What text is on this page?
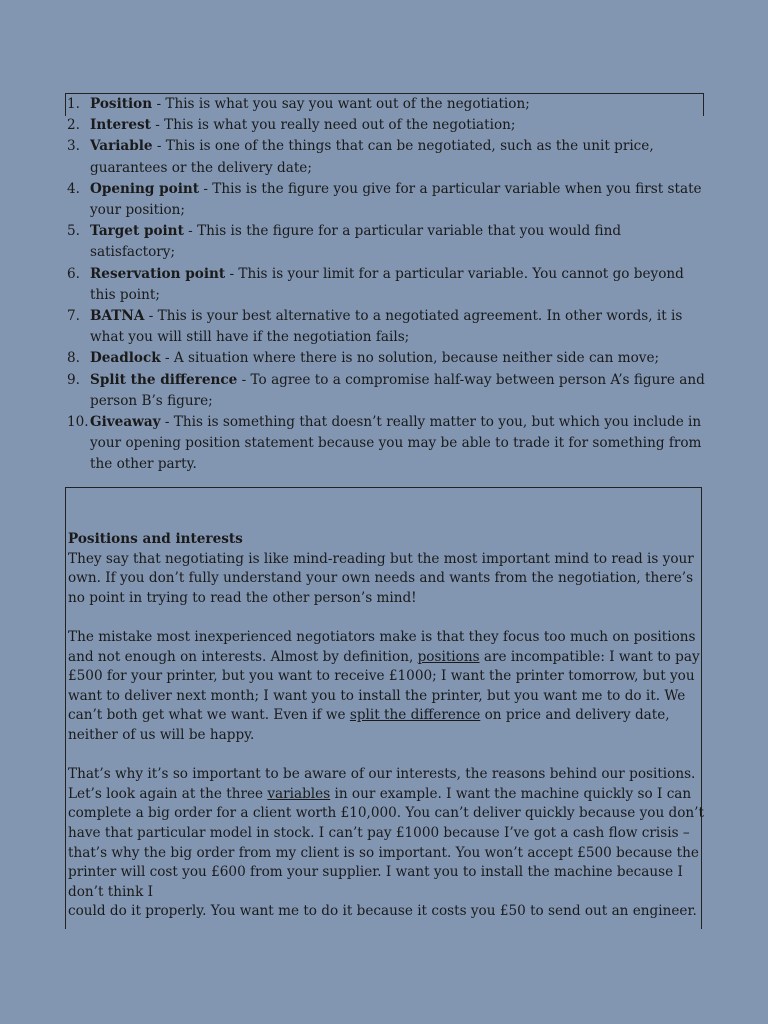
1. Position - This is what you say you want out of the negotiation;
2. Interest - This is what you really need out of the negotiation;
3. Variable - This is one of the things that can be negotiated, such as the unit price, guarantees or the delivery date;
4. Opening point - This is the figure you give for a particular variable when you first state your position;
5. Target point - This is the figure for a particular variable that you would find satisfactory;
6. Reservation point - This is your limit for a particular variable. You cannot go beyond this point;
7. BATNA - This is your best alternative to a negotiated agreement. In other words, it is what you will still have if the negotiation fails;
8. Deadlock - A situation where there is no solution, because neither side can move;
9. Split the difference - To agree to a compromise half-way between person A’s figure and person B’s figure;
10. Giveaway - This is something that doesn’t really matter to you, but which you include in your opening position statement because you may be able to trade it for something from the other party.
Positions and interests

They say that negotiating is like mind-reading but the most important mind to read is your own. If you don’t fully understand your own needs and wants from the negotiation, there’s no point in trying to read the other person’s mind!

The mistake most inexperienced negotiators make is that they focus too much on positions and not enough on interests. Almost by definition, positions are incompatible: I want to pay £500 for your printer, but you want to receive £1000; I want the printer tomorrow, but you want to deliver next month; I want you to install the printer, but you want me to do it. We can’t both get what we want. Even if we split the difference on price and delivery date, neither of us will be happy.

That’s why it’s so important to be aware of our interests, the reasons behind our positions. Let’s look again at the three variables in our example. I want the machine quickly so I can complete a big order for a client worth £10,000. You can’t deliver quickly because you don’t have that particular model in stock. I can’t pay £1000 because I’ve got a cash flow crisis – that’s why the big order from my client is so important. You won’t accept £500 because the printer will cost you £600 from your supplier. I want you to install the machine because I don’t think I
could do it properly. You want me to do it because it costs you £50 to send out an engineer.
